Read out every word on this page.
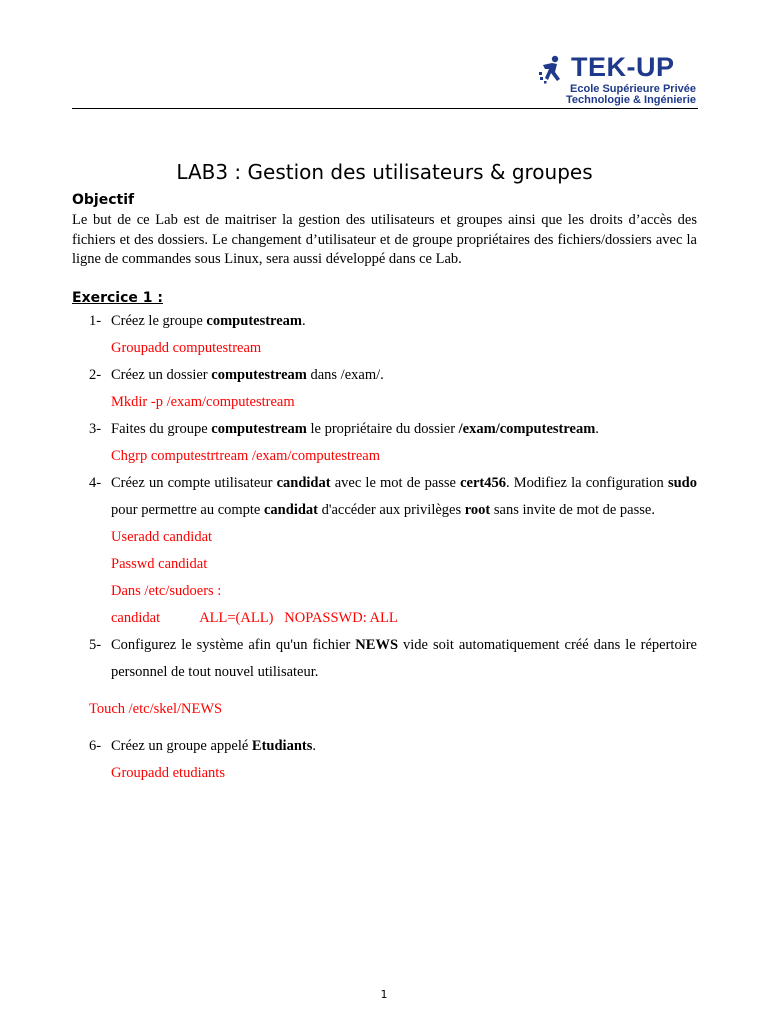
TEK-UP
Ecole Supérieure Privée
Technologie & Ingénierie
LAB3 : Gestion des utilisateurs & groupes
Objectif

Le but de ce Lab est de maitriser la gestion des utilisateurs et groupes ainsi que les droits d’accès des fichiers et des dossiers. Le changement d’utilisateur et de groupe propriétaires des fichiers/dossiers avec la ligne de commandes sous Linux, sera aussi développé dans ce Lab.

Exercice 1 :
1- Créez le groupe computestream.
Groupadd computestream
2- Créez un dossier computestream dans /exam/.
Mkdir -p /exam/computestream
3- Faites du groupe computestream le propriétaire du dossier /exam/computestream.
Chgrp computestrtream /exam/computestream
4- Créez un compte utilisateur candidat avec le mot de passe cert456. Modifiez la configuration sudo pour permettre au compte candidat d'accéder aux privilèges root sans invite de mot de passe.
Useradd candidat
Passwd candidat
Dans /etc/sudoers :
candidat           ALL=(ALL)   NOPASSWD: ALL
5- Configurez le système afin qu'un fichier NEWS vide soit automatiquement créé dans le répertoire personnel de tout nouvel utilisateur.
Touch /etc/skel/NEWS
6- Créez un groupe appelé Etudiants.
Groupadd etudiants
1
